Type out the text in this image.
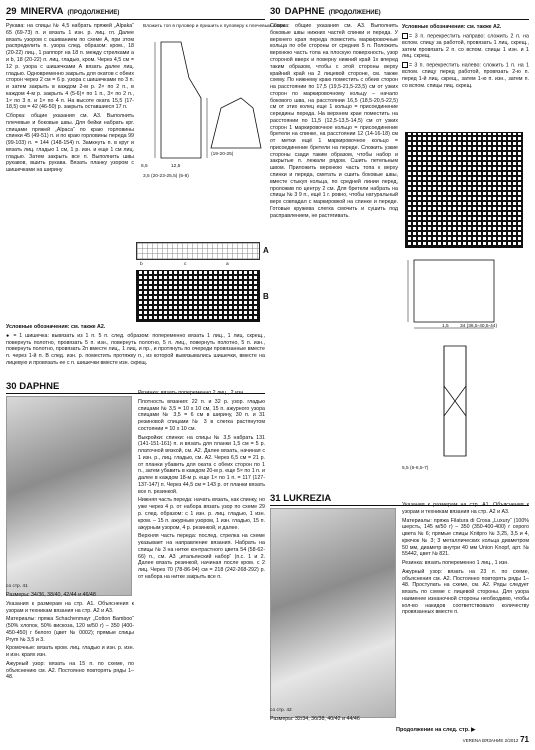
29 MINERVA (ПРОДОЛЖЕНИЕ)

Рукава: на спицы № 4,5 набрать пряжей „Alpaka“ 65 (69-73) п. и вязать 1 изн. р. лиц. гл. Далее вязать узором с ошиванием по схеме А, при этом распределить п. узора след. образом: кром., 18 (20-22) лиц., 1 раппорт на 18 п. между стрелками а и b, 18 (20-22) п. лиц. гладью, кром. Через 4,5 см = 12 р. узора с шишечками А вязать далее лиц. гладью. Одновременно закрыть для окатов с обеих сторон через 2 см = 6 р. узора с шишечками по 3 п. и затем закрыть в каждом 2-м р. 2× по 2 п., в каждом 4-м р. закрыть 4 (5-6)× по 1 п., 3× по 2 п., 1× по 3 п. и 1× по 4 п. На высоте оката 15,5 (17-18,5) см = 42 (46-50) р. закрыть оставшиеся 17 п.

Сборка: общие указания см. А3. Выполнить плечевые и боковые швы. Для бейки набрать крг. спицами пряжей „Alpaca“ по краю горловины спинки 45 (49-51) п. и по краю горловины переда 99 (99-103) п. = 144 (148-154) п. Замкнуть п. в круг и вязать лиц. гладью 1 см, 1 р. изн. и еще 1 см лиц. гладью. Затем закрыть все п. Выполнить швы рукавов, вшить рукава. Вязать планку узором с шишечками на ширину

Вложить топ в пуловер и пришить к пуловеру к плечевым швам.
6,5	12,5
3,5 (20-23-25,5) (5-8)
(19-20-25)
A
b	c	a
B

Условные обозначения: см. также А2.

● = 1 шишечка: вывязать из 1 п. 5 п. след. образом: попеременно вязать 1 лиц., 1 лиц. скрещ., повернуть полотно, провязать 5 п. изн., повернуть полотно, 5 п. лиц., повернуть полотно, 5 п. изн., повернуть полотно, провязать 2п вместе лиц., 1 лиц. и пр., и протянуть по очереди провязанные вместе п. через 1-й п. В след. изн. р. поместить протяжку п., из которой вывязывались шишечки, вместе на лицевую и провязать ее с п. шишечки вместе изн. скрещ.

30 DAPHNE
со стр. 41

Размеры: 34/36, 38/40, 42/44 и 46/48

Указания к размерам на стр. А1. Объяснения к узорам и техникам вязания на стр. А2 и А3.

Материалы: пряжа Schachenmayr „Cotton Bamboo“ (50% хлопок, 50% вискоза, 120 м/50 г) – 350 (400-450-450) г белого (цвет № 0002); прямые спицы Prym № 3,5 и 3.

Кромочные: вязать кром. лиц. гладью и изн. р. изн. и изн. краях изн.

Ажурный узор: вязать на 15 п. по схеме, по объяснению см. А2. Постоянно повторять ряды 1–48.

Резинка: вязать попеременно 2 лиц., 2 изн.

Плотность вязания: 22 п. и 32 р. узор. гладью спицами № 3,5 = 10 х 10 см, 15 п. ажурного узора спицами № 3,5 = 6 см в ширину, 30 п. и 31 резиновой спицами № 3 в слегка растянутом состоянии = 10 х 10 см.

Выкройки: спинки: на спицы № 3,5 набрать 131 (141-151-161) п. и вязать для планки 1,5 см = 5 р. платочной вязкой, см. А2. Далее вязать, начиная с 1 изн. р., лиц. гладью, см. А2. Через 6,5 см = 21 р. от планки убавить для оката с обеих сторон по 1 п., затем убавить в каждом 20-м р. еще 5× по 1 п. и далее в каждом 18-м р. еще 1× по 1 п. = 117 (127-137-147) п. Через 44,5 см = 143 р. от планки вязать все п. резинкой.

Нижняя часть переда: начать вязать, как спинку, но уже через 4 р. от набора вязать узор по схеме 29 р. след. образом: с 1 изн. р. лиц. гладью, 1 изн. кром. – 15 п. ажурным узором, 1 изн. гладью, 15 п. ажурным узором, 4 р. резинкой, и далее.

Верхняя часть переда: послед. стрелка на схеме указывает на направление вязания. Набрать на спицы № 3 на нитке контрастного цвета 54 (58-62-66) п., см. А3 „итальянский набор“ (п.с. 1 и 2. Далее вязать резинкой, начиная после кром. с 2 лиц. Через 70 (78-86-94) см = 218 (242-268-292) р. от набора на нитке закрыть все п.

30 DAPHNE (ПРОДОЛЖЕНИЕ)

Сборка: общие указания см. А3. Выполнить боковые швы нижних частей спинки и переда. У верхнего края переда поместить маркировочные кольца по обе стороны от средних 5 п. Положить верхнюю часть топа на плоскую поверхность, узор стороной вверх и поверну нижний край 1х вперед таким образом, чтобы с этой стороны верху крайний край на 2 лицевой стороне, см. также схему. По нижнему краю поместить с обеих сторон на расстоянии по 17,5 (19,5-21,5-23,5) см от узких сторон по маркировочному кольцу – начало бокового шва, на расстоянии 16,5 (18,5-20,5-22,5) см от этих колец еще 1 кольцо = присоединение середины переда. На верхнем крае поместить на расстоянии по 11,5 (12,5-13,5-14,5) см от узких сторон 1 маркировочное кольцо = присоединение бретели на спинке, на расстоянии 12 (14-16-18) см от метки ещё 1 маркировочное кольцо = присоединение бретели на переде. Сложить узкие стороны сзади таким образом, чтобы набор и закрытые п. лежали рядом. Сшить петельным швом. Приложить верхнюю часть топа к верху спинки и переда, сметать и сшить боковые швы, вместе стыкуя кольца, по средней линии перед, проложив по центру 2 см. Для бретели набрать на спицы № 3 9 п., ещё 1 г. ровно, чтобы натуральный верх совпадал с маркировкой на спинке и переде. Готовые кружева слегка смочить и сушить под расправлением, не растягивать.

Условные обозначения: см. также А2.

= 3 п. перекрестить направо: сложить 2 п. на вспом. спицу за работой, провязать 1 лиц. скрещ., затем провязать 2 п. со вспом. спицы 1 изн. и 1 лиц. скрещ.

= 3 п. перекрестить налево: сложить 1 п. на 1 вспом. спицу перед работой, провязать 2-ю п. перед 1-й лиц. скрещ., затем 1-ю п. изн., затем п. со вспом. спицы лиц. скрещ.

1,5 34 (36,5-40,5-44)
5,5 (6-6,5-7)
31 LUKREZIA
со стр. 42
Размеры: 32/34, 36/38, 40/42 и 44/46

Указания к размерам на стр. А1. Объяснения к узорам и техникам вязания на стр. А2 и А3.

Материалы: пряжа Filatura di Crosa „Luxury“ (100% шерсть, 145 м/50 г) – 350 (350-400-400) г серого цвета № 6; прямые спицы Knitpro № 3,25, 3,5 и 4, крючок № 3; 3 металлических кольца диаметром 50 мм, диаметр внутри 40 мм Union Knopf, арт. № 55442, цвет № 821.

Резинка: вязать попеременно 1 лиц., 1 изн.

Ажурный узор: вязать на 23 п. по схеме, объяснения см. А2. Постоянно повторять ряды 1–48. Проступать на схеме, см. А2. Ряды следует вязать по схеме с лицевой стороны. Для узора наименее изнаночной стороны необходимо, чтобы кол-во накидов соответствовало количеству провязанных вместе п.

Продолжение на след. стр. ▶
VERENA ВЯЗАНИЕ 2/2012 71
